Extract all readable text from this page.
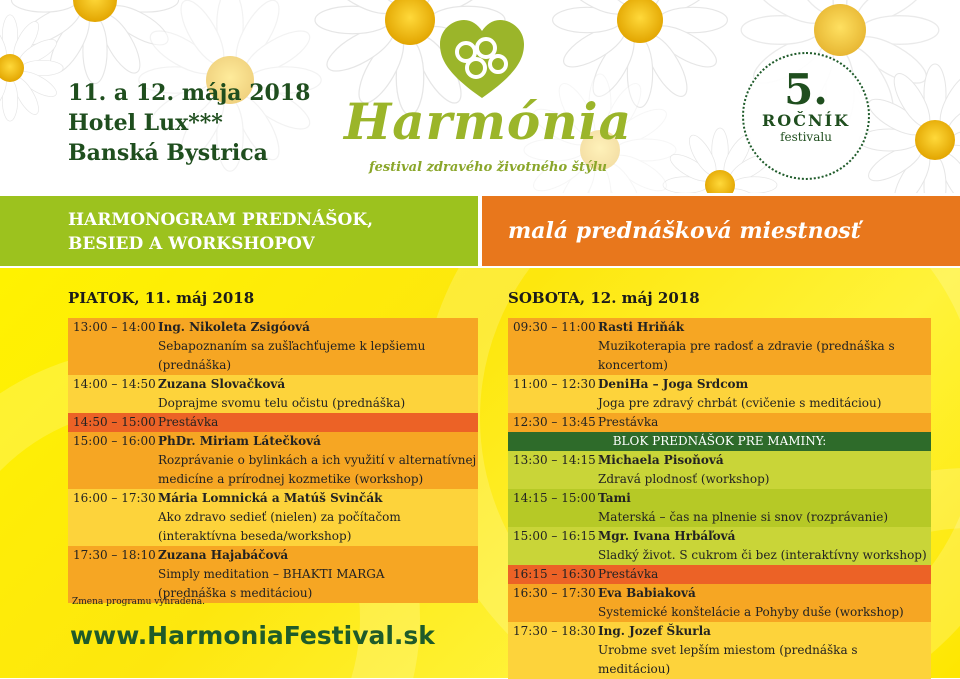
11. a 12. mája 2018
Hotel Lux***
Banská Bystrica
Harmónia
festival zdravého životného štýlu
5.
ROČNÍK
festivalu
HARMONOGRAM PREDNÁŠOK,
BESIED A WORKSHOPOV	malá prednášková miestnosť
PIATOK, 11. máj 2018
13:00 – 14:00 Ing. Nikoleta Zsigóová
Sebapoznaním sa zušľachťujeme k lepšiemu (prednáška)
14:00 – 14:50 Zuzana Slovačková
Doprajme svomu telu očistu (prednáška)
14:50 – 15:00 Prestávka
15:00 – 16:00 PhDr. Miriam Látečková
Rozprávanie o bylinkách a ich využití v alternatívnej
medicíne a prírodnej kozmetike (workshop)
16:00 – 17:30 Mária Lomnická a Matúš Svinčák
Ako zdravo sedieť (nielen) za počítačom
(interaktívna beseda/workshop)
17:30 – 18:10 Zuzana Hajabáčová
Simply meditation – BHAKTI MARGA
(prednáška s meditáciou)
SOBOTA, 12. máj 2018
09:30 – 11:00 Rasti Hriňák
Muzikoterapia pre radosť a zdravie (prednáška s koncertom)
11:00 – 12:30 DeniHa – Joga Srdcom
Joga pre zdravý chrbát (cvičenie s meditáciou)
12:30 – 13:45 Prestávka
BLOK PREDNÁŠOK PRE MAMINY:
13:30 – 14:15 Michaela Pisoňová
Zdravá plodnosť (workshop)
14:15 – 15:00 Tami
Materská – čas na plnenie si snov (rozprávanie)
15:00 – 16:15 Mgr. Ivana Hrbáľová
Sladký život. S cukrom či bez (interaktívny workshop)
16:15 – 16:30 Prestávka
16:30 – 17:30 Eva Babiaková
Systemické konštelácie a Pohyby duše (workshop)
17:30 – 18:30 Ing. Jozef Škurla
Urobme svet lepším miestom (prednáška s meditáciou)
Zmena programu vyhradená.
www.HarmoniaFestival.sk
